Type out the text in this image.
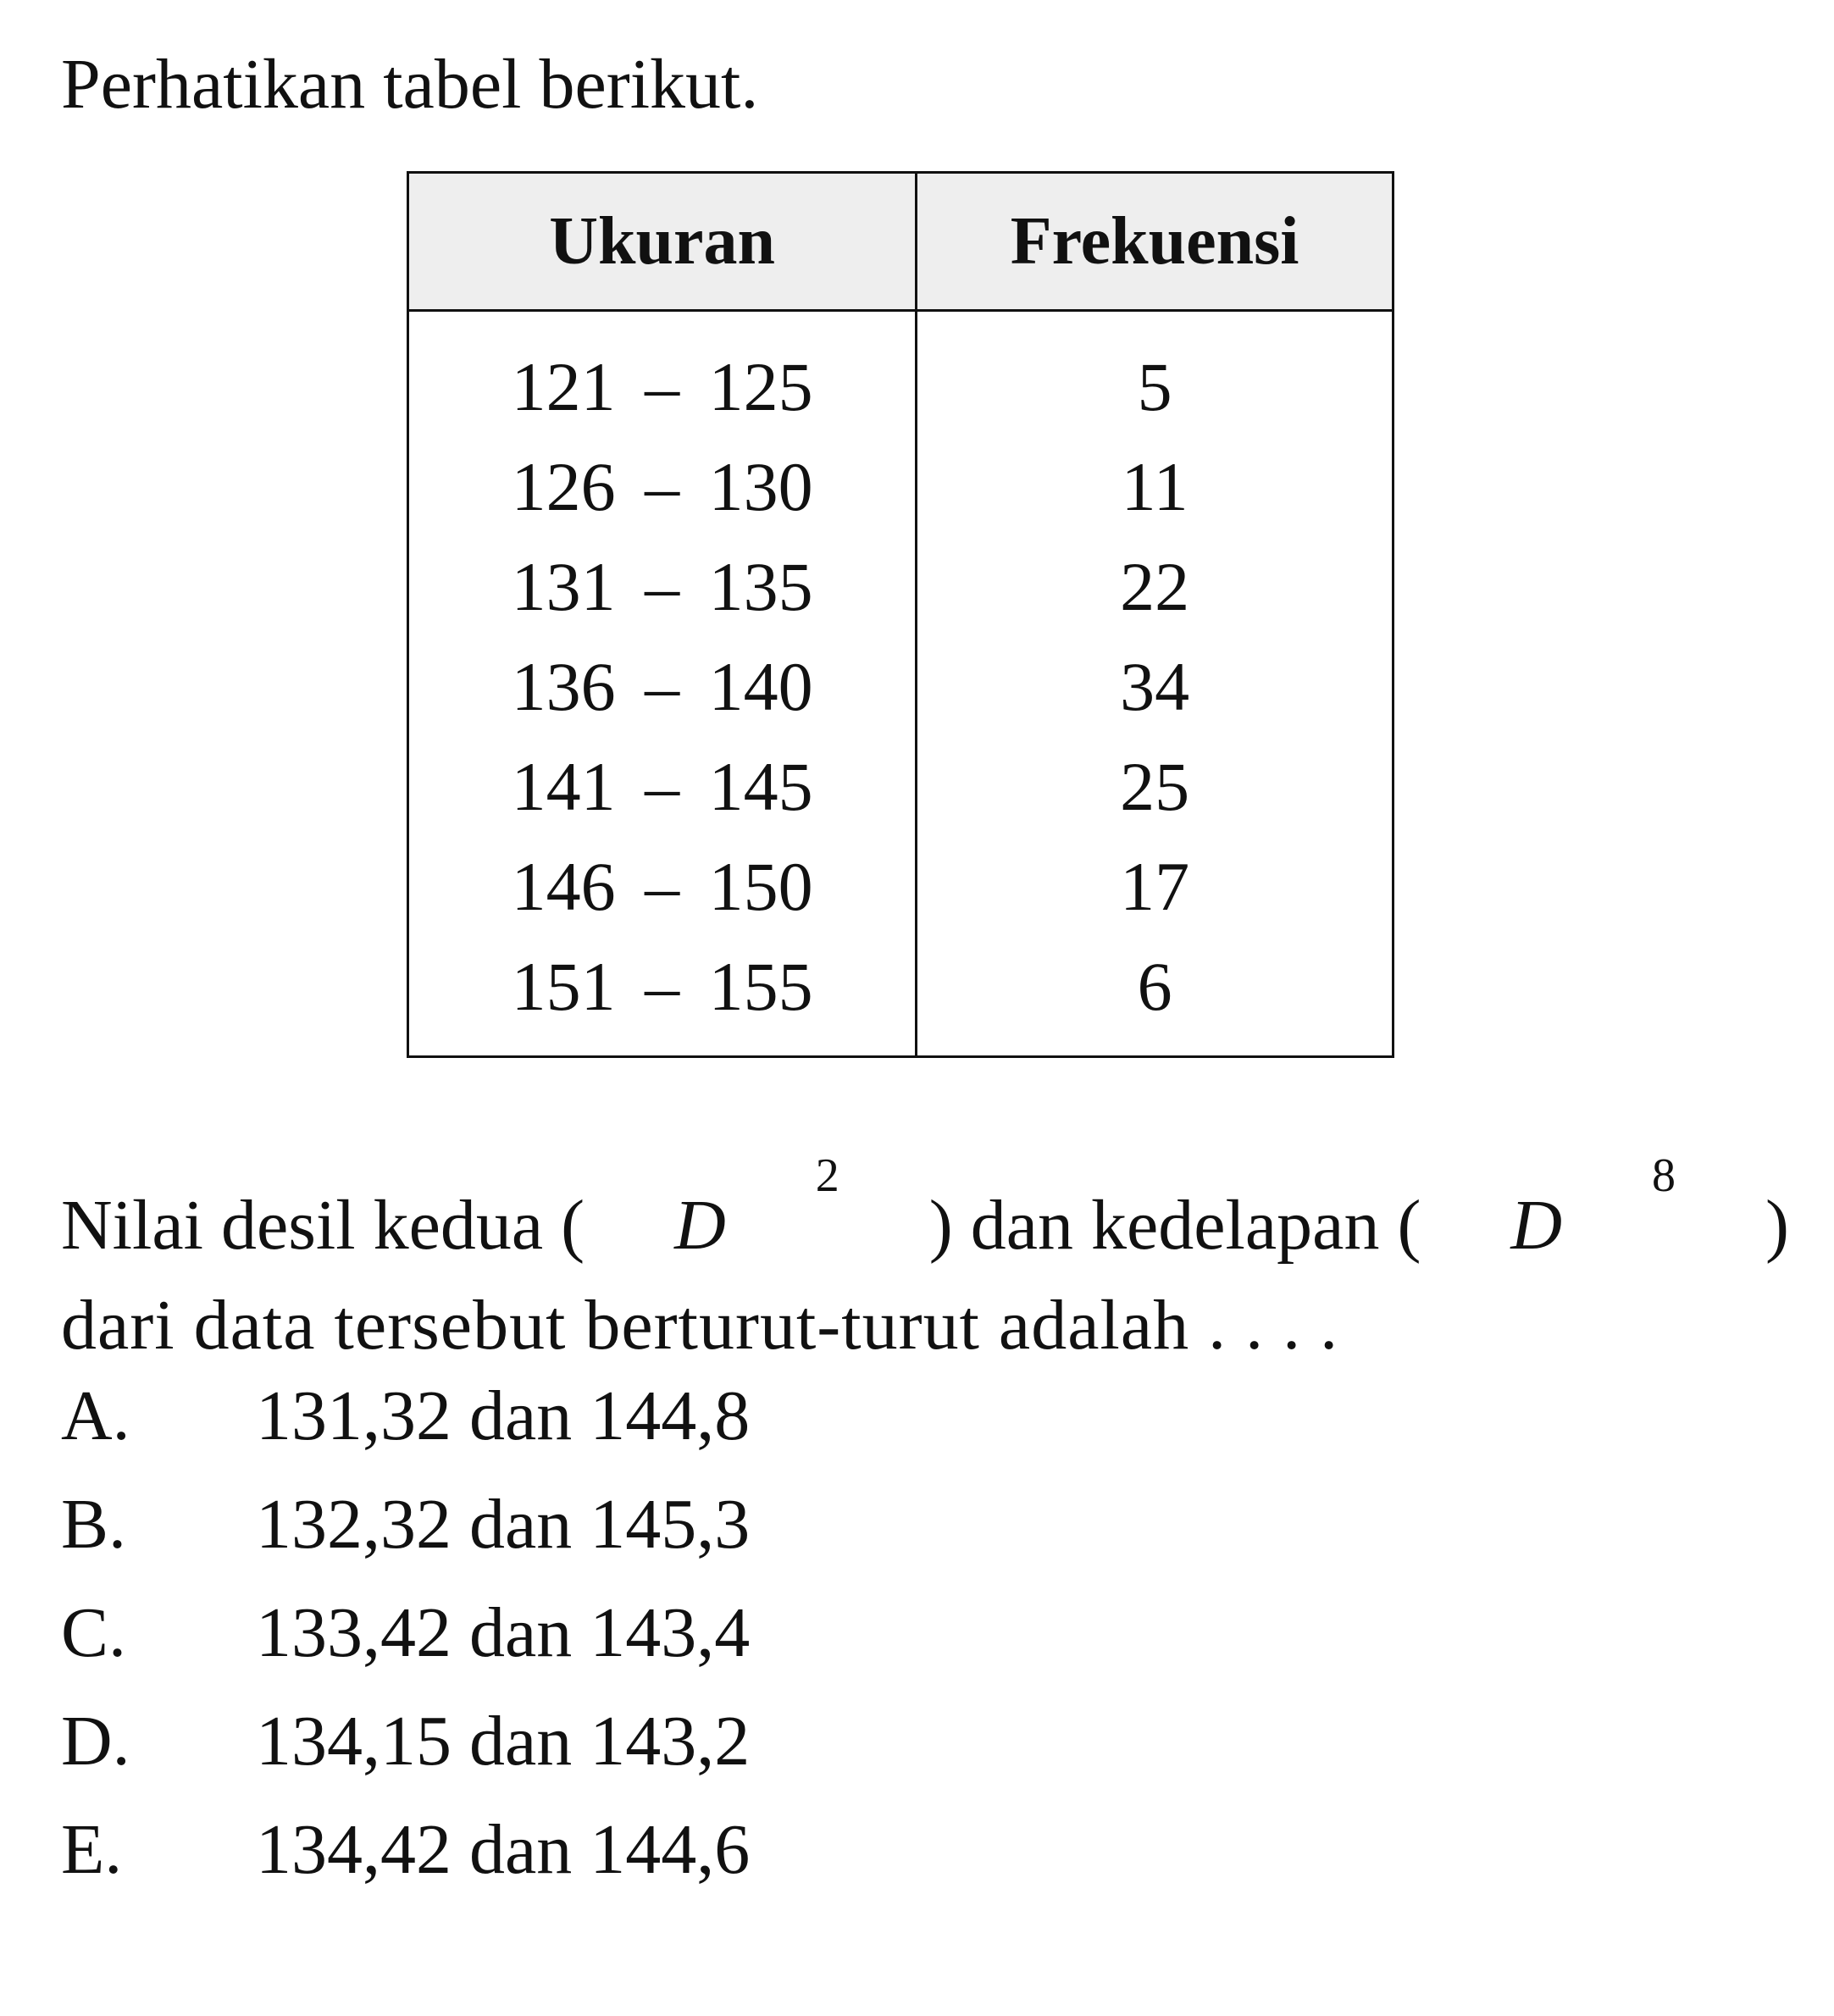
Perhatikan tabel berikut.
Ukuran	Frekuensi
121 – 125	5
126 – 130	11
131 – 135	22
136 – 140	34
141 – 145	25
146 – 150	17
151 – 155	6
Nilai desil kedua ( D
2
) dan kedelapan ( D
8
)
dari data tersebut berturut-turut adalah . . . .
A. 131,32 dan 144,8
B. 132,32 dan 145,3
C. 133,42 dan 143,4
D. 134,15 dan 143,2
E. 134,42 dan 144,6
